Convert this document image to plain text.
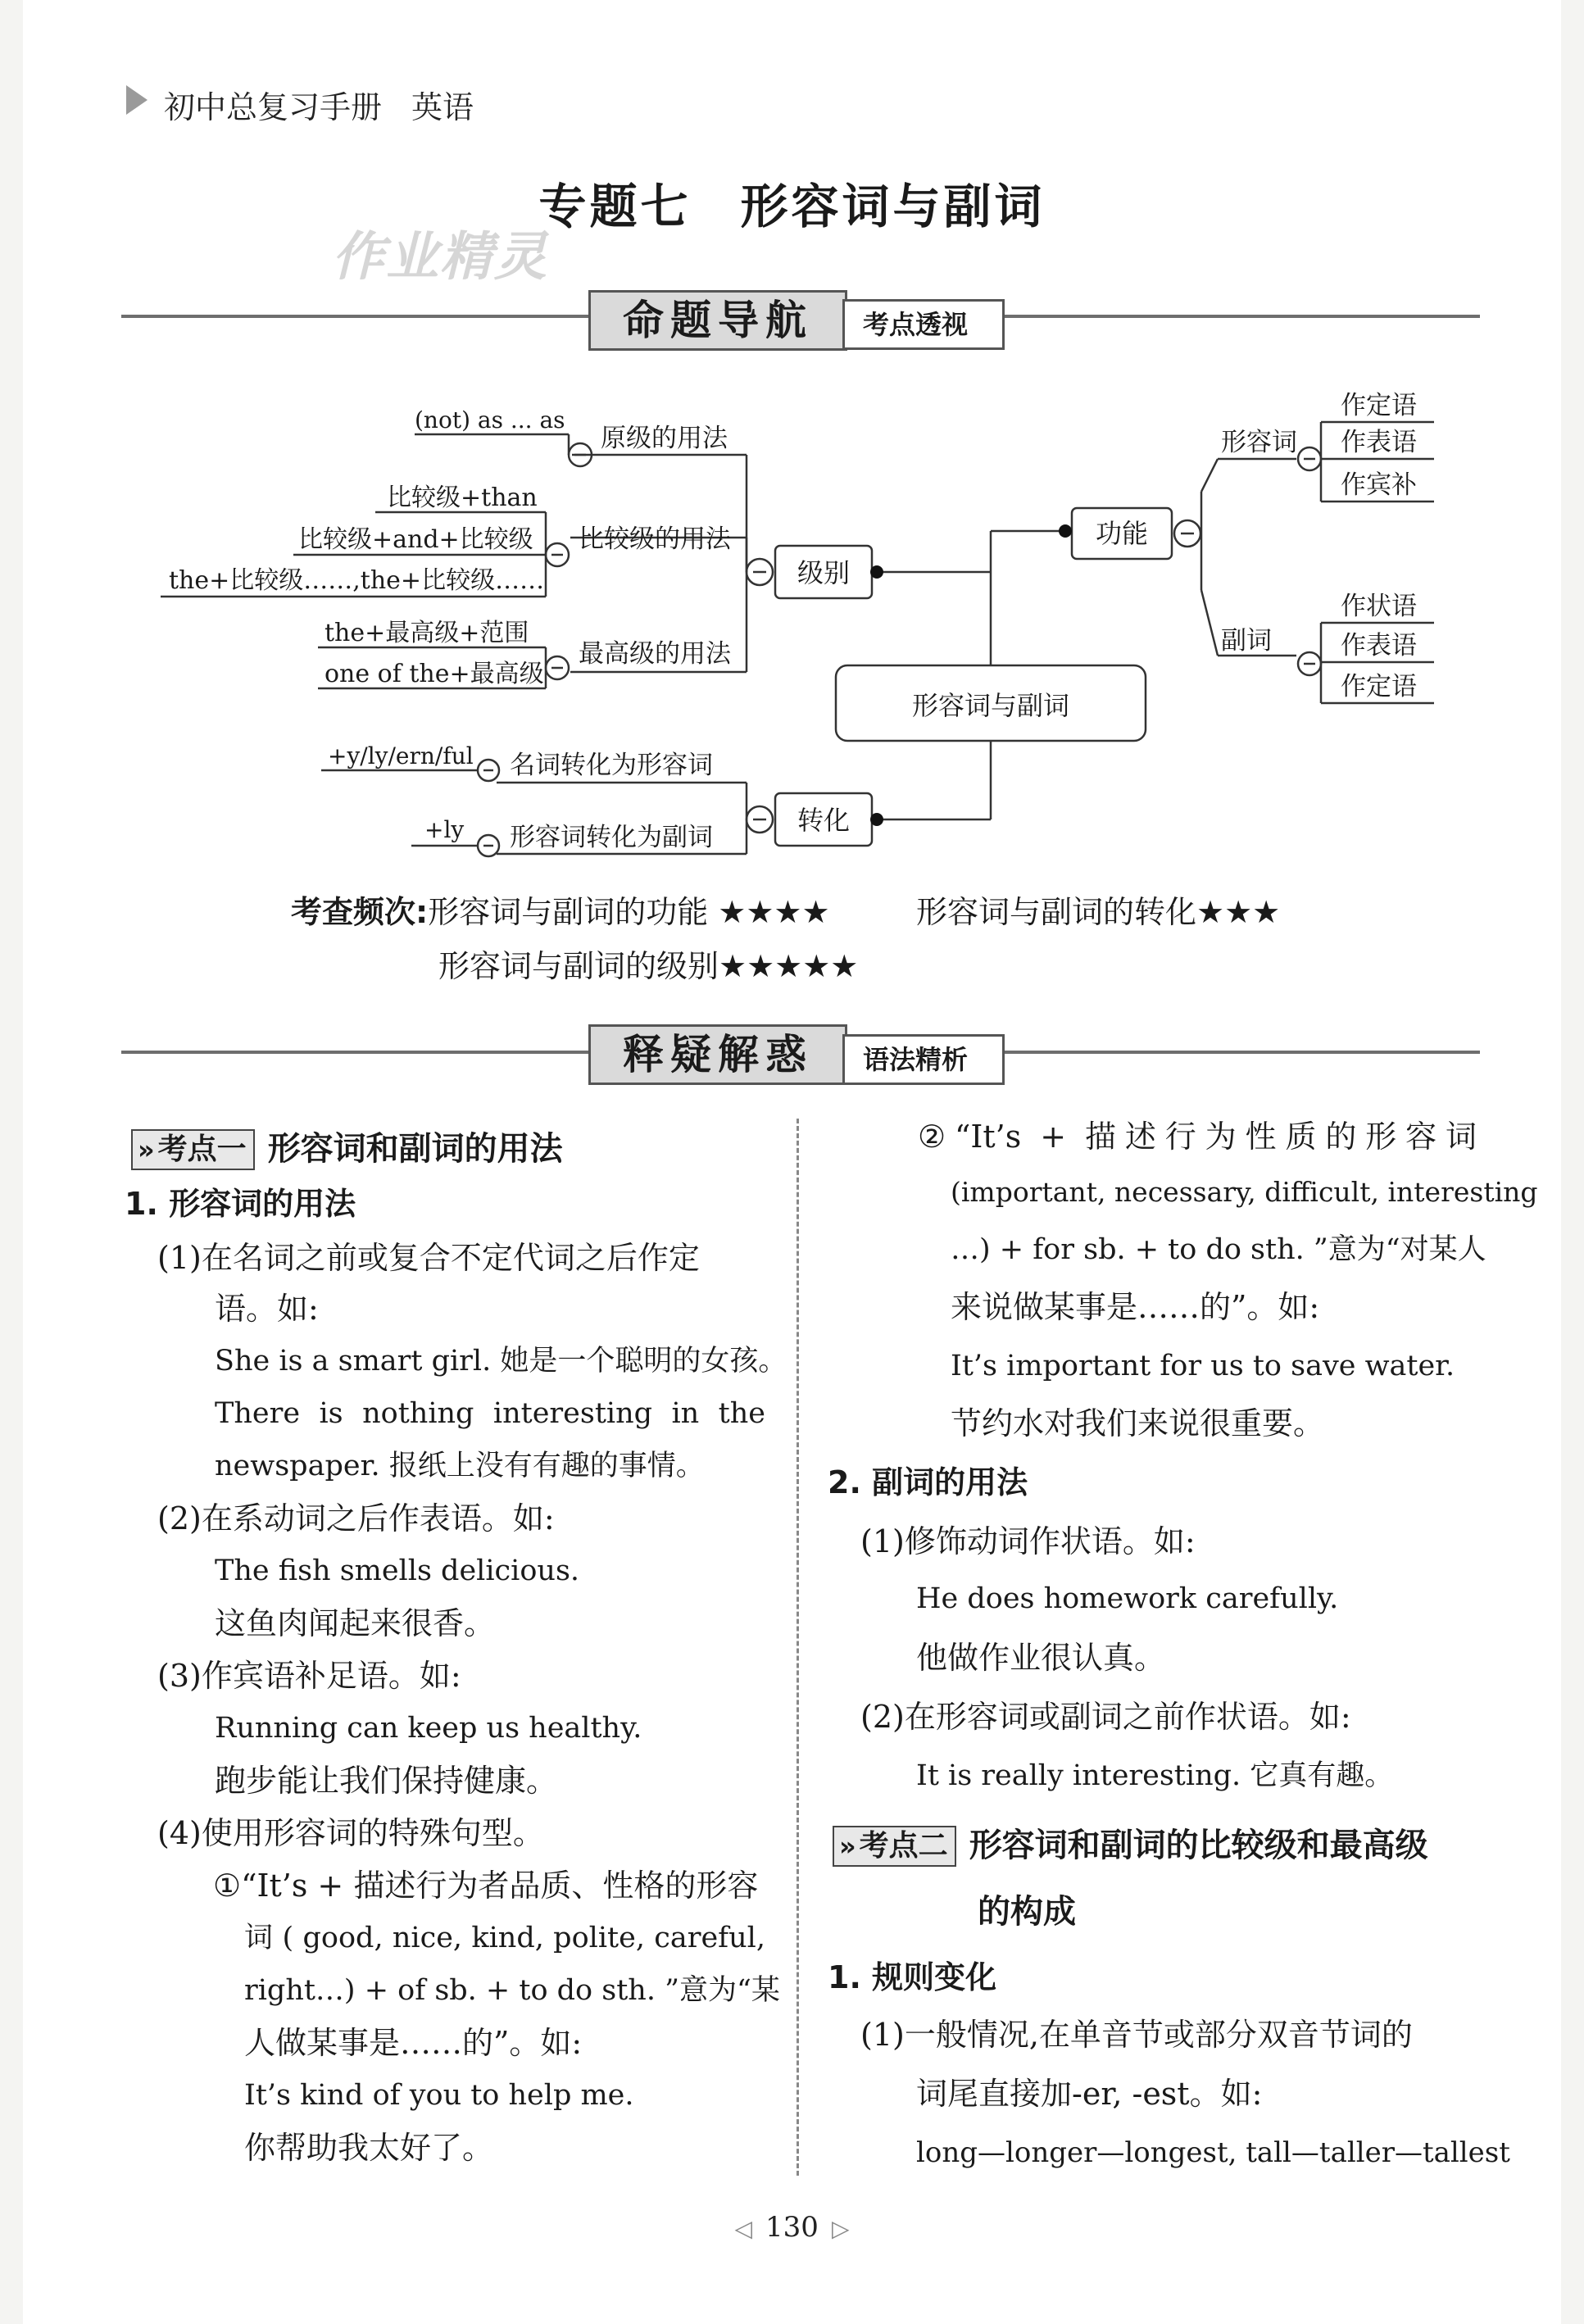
初中总复习手册 英语
专题七 形容词与副词
作业精灵
命题导航	考点透视
形容词与副词
级别
转化
功能
(not) as ... as
原级的用法
比较级+than
比较级+and+比较级
the+比较级……,the+比较级……
比较级的用法
the+最高级+范围
one of the+最高级
最高级的用法
+y/ly/ern/ful 名词转化为形容词
+ly 形容词转化为副词
形容词
副词
作定语
作表语
作宾补
作状语
作表语
作定语
考查频次:形容词与副词的功能 ★★★★	形容词与副词的转化★★★
形容词与副词的级别★★★★★
释疑解惑	语法精析
» 考点一 形容词和副词的用法
1. 形容词的用法
(1)在名词之前或复合不定代词之后作定
语。如:
She is a smart girl. 她是一个聪明的女孩。
There is nothing interesting in the
newspaper. 报纸上没有有趣的事情。
(2)在系动词之后作表语。如:
The fish smells delicious.
这鱼肉闻起来很香。
(3)作宾语补足语。如:
Running can keep us healthy.
跑步能让我们保持健康。
(4)使用形容词的特殊句型。
①“It’s + 描述行为者品质、性格的形容
词 ( good, nice, kind, polite, careful,
right…) + of sb. + to do sth. ”意为“某
人做某事是……的”。如:
It’s kind of you to help me.
你帮助我太好了。
②“It’s + 描述行为性质的形容词
(important, necessary, difficult, interesting
…) + for sb. + to do sth. ”意为“对某人
来说做某事是……的”。如:
It’s important for us to save water.
节约水对我们来说很重要。
2. 副词的用法
(1)修饰动词作状语。如:
He does homework carefully.
他做作业很认真。
(2)在形容词或副词之前作状语。如:
It is really interesting. 它真有趣。
» 考点二 形容词和副词的比较级和最高级
的构成
1. 规则变化
(1)一般情况,在单音节或部分双音节词的
词尾直接加-er, -est。如:
long—longer—longest, tall—taller—tallest
◁ 130 ▷
